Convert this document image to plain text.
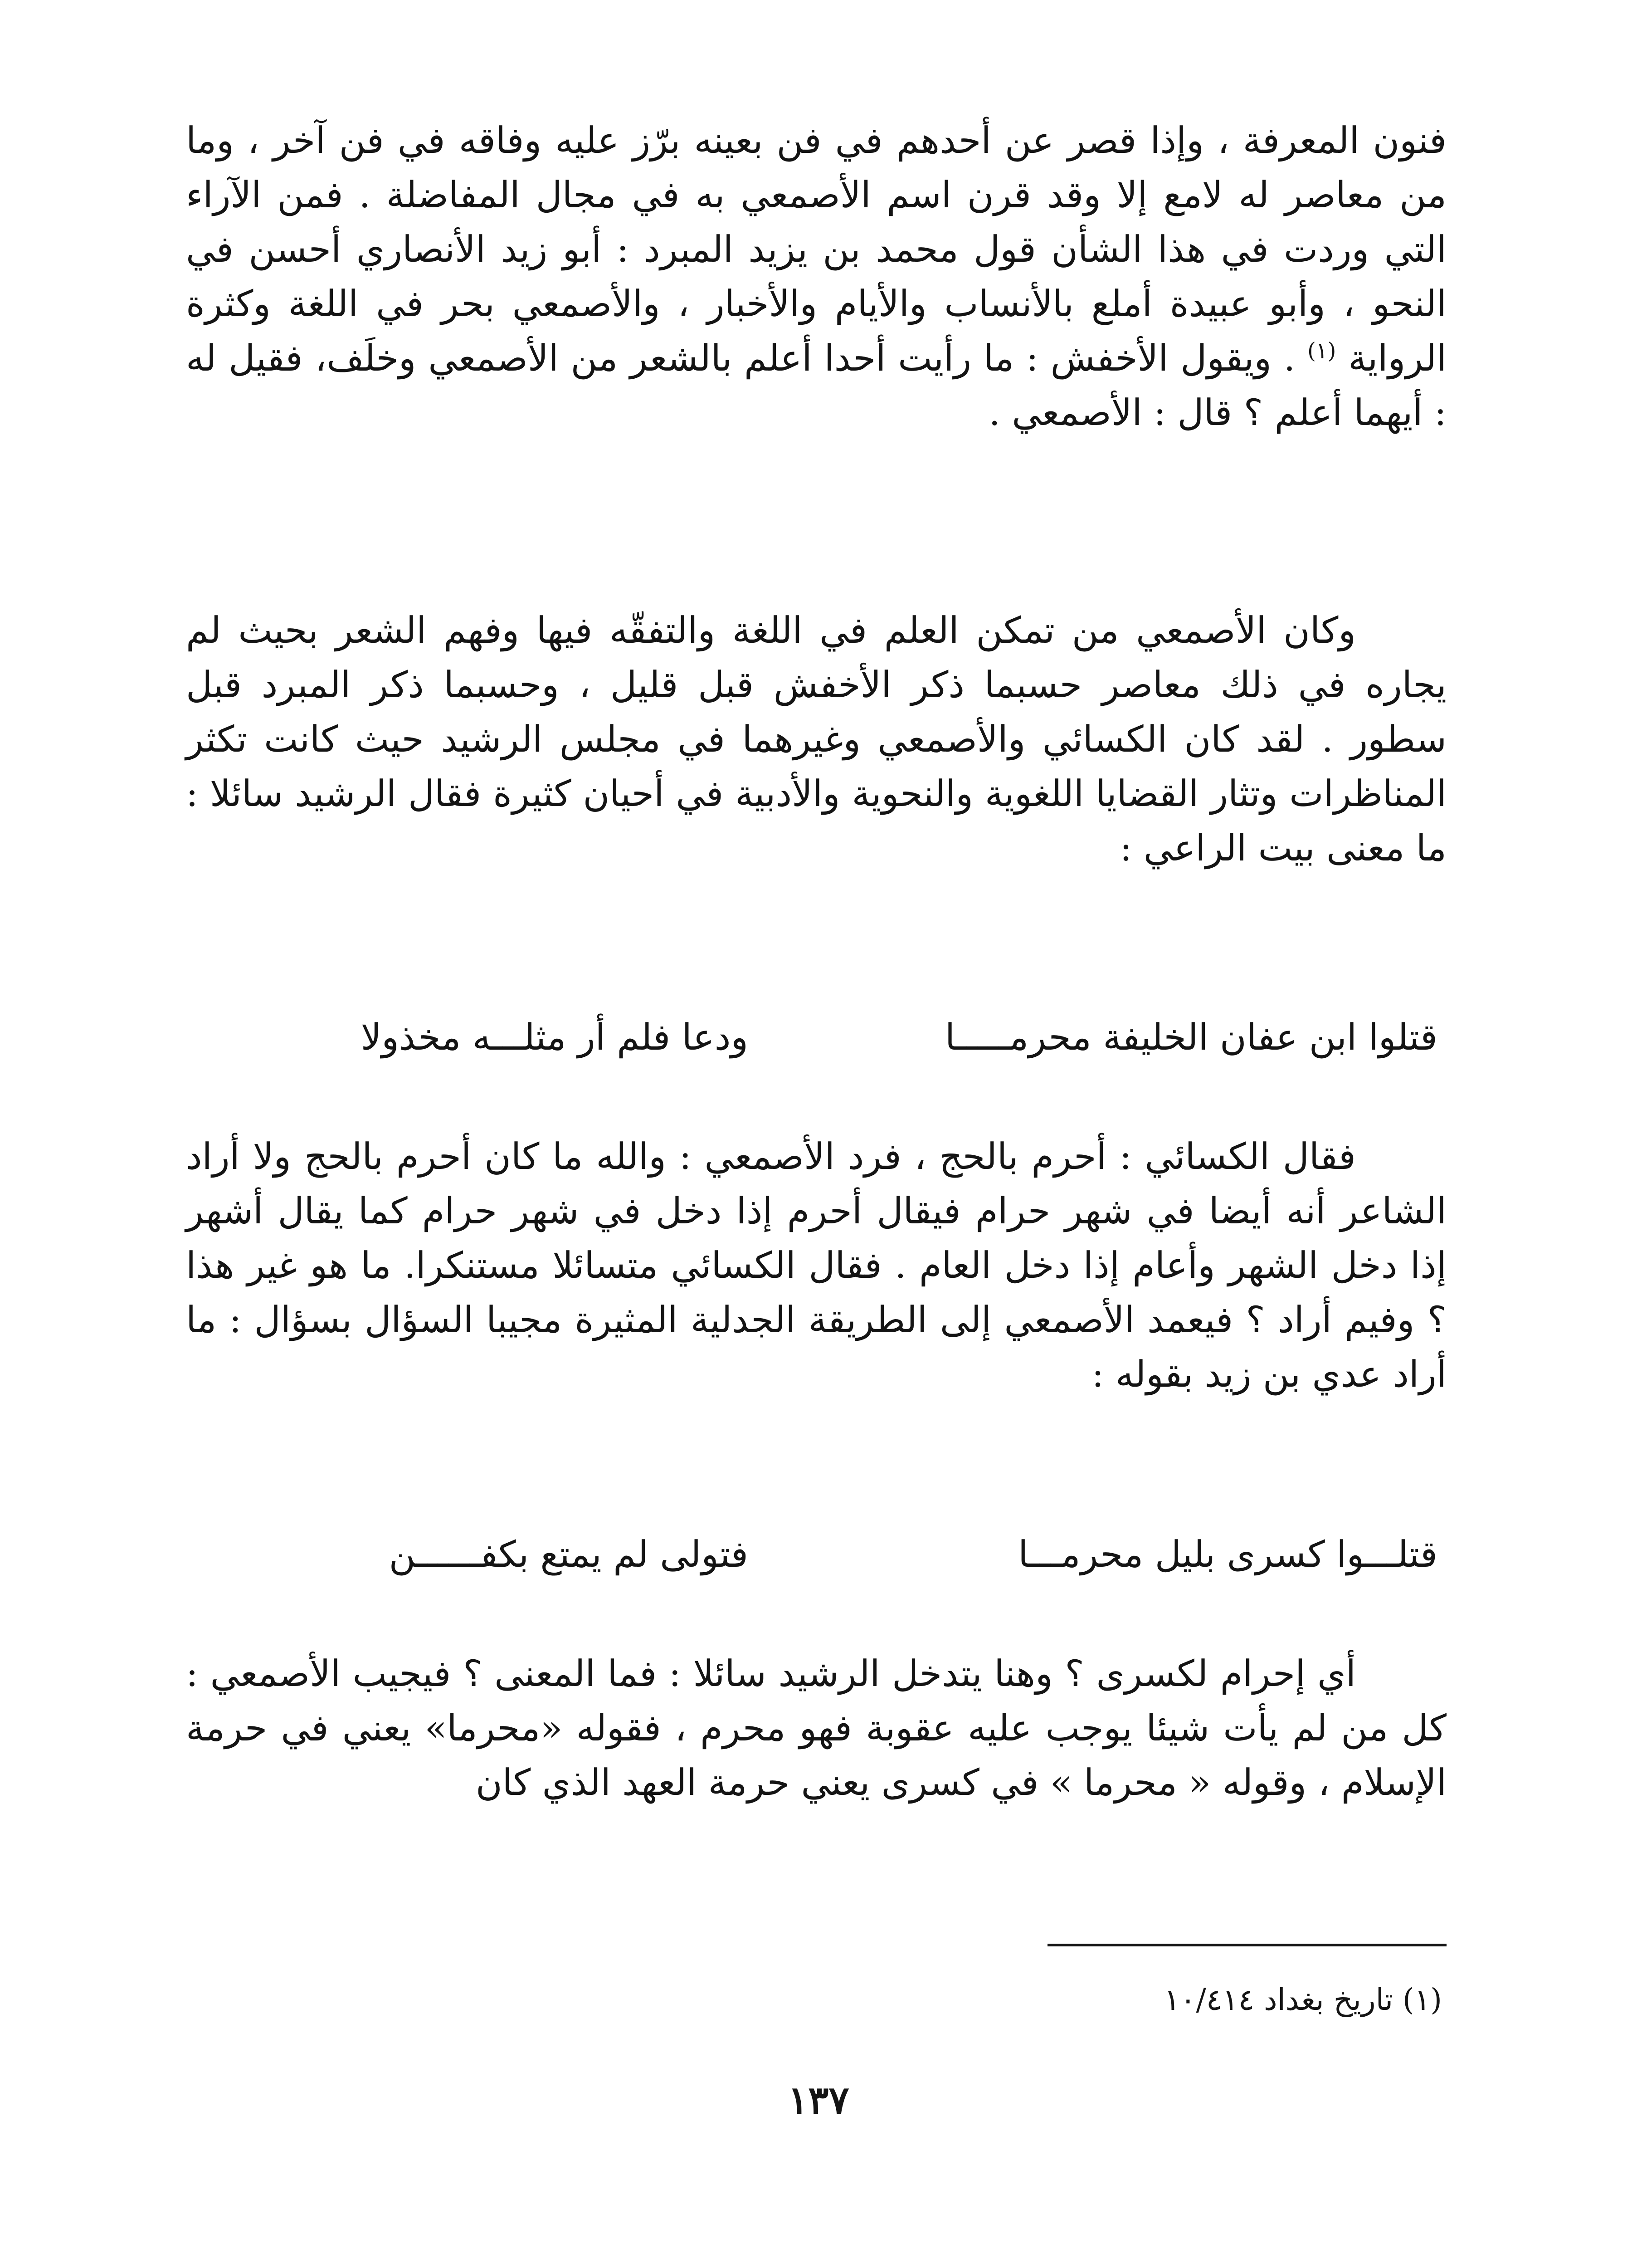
فنون المعرفة ، وإذا قصر عن أحدهم في فن بعينه برّز عليه وفاقه في فن آخر ، وما من معاصر له لامع إلا وقد قرن اسم الأصمعي به في مجال المفاضلة . فمن الآراء التي وردت في هذا الشأن قول محمد بن يزيد المبرد : أبو زيد الأنصاري أحسن في النحو ، وأبو عبيدة أملع بالأنساب والأيام والأخبار ، والأصمعي بحر في اللغة وكثرة الرواية $^{(١)}$ . ويقول الأخفش : ما رأيت أحدا أعلم بالشعر من الأصمعي وخلَف، فقيل له : أيهما أعلم ؟ قال : الأصمعي .

وكان الأصمعي من تمكن العلم في اللغة والتفقّه فيها وفهم الشعر بحيث لم يجاره في ذلك معاصر حسبما ذكر الأخفش قبل قليل ، وحسبما ذكر المبرد قبل سطور . لقد كان الكسائي والأصمعي وغيرهما في مجلس الرشيد حيث كانت تكثر المناظرات وتثار القضايا اللغوية والنحوية والأدبية في أحيان كثيرة فقال الرشيد سائلا : ما معنى بيت الراعي :

قتلوا ابن عفان الخليفة محرمـــــا
ودعا فلم أر مثلـــه مخذولا

فقال الكسائي : أحرم بالحج ، فرد الأصمعي : والله ما كان أحرم بالحج ولا أراد الشاعر أنه أيضا في شهر حرام فيقال أحرم إذا دخل في شهر حرام كما يقال أشهر إذا دخل الشهر وأعام إذا دخل العام . فقال الكسائي متسائلا مستنكرا. ما هو غير هذا ؟ وفيم أراد ؟ فيعمد الأصمعي إلى الطريقة الجدلية المثيرة مجيبا السؤال بسؤال : ما أراد عدي بن زيد بقوله :

قتلـــوا كسرى بليل محرمـــا
فتولى لم يمتع بكفــــــن

أي إحرام لكسرى ؟ وهنا يتدخل الرشيد سائلا : فما المعنى ؟ فيجيب الأصمعي : كل من لم يأت شيئا يوجب عليه عقوبة فهو محرم ، فقوله «محرما» يعني في حرمة الإسلام ، وقوله « محرما » في كسرى يعني حرمة العهد الذي كان

(١) تاريخ بغداد ١٠/٤١٤
١٣٧
